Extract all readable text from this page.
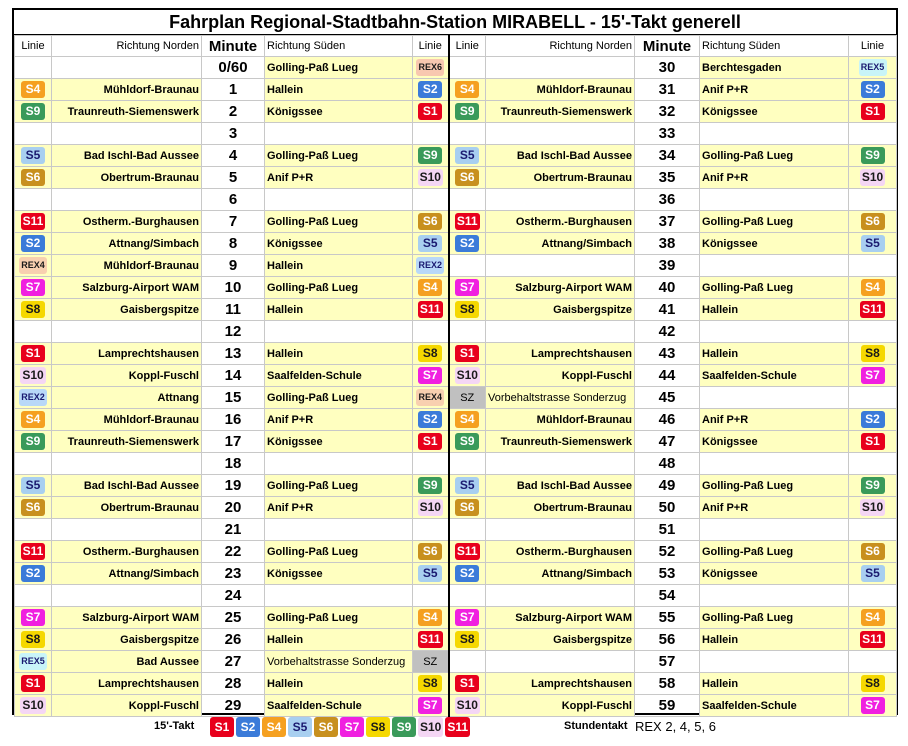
Fahrplan Regional-Stadtbahn-Station MIRABELL - 15'-Takt generell
Linie	Richtung Norden	Minute	Richtung Süden	Linie	Linie	Richtung Norden	Minute	Richtung Süden	Linie
		0/60	Golling-Paß Lueg	REX6			30	Berchtesgaden	REX5
S4	Mühldorf-Braunau	1	Hallein	S2	S4	Mühldorf-Braunau	31	Anif P+R	S2
S9	Traunreuth-Siemenswerk	2	Königssee	S1	S9	Traunreuth-Siemenswerk	32	Königssee	S1
		3					33		
S5	Bad Ischl-Bad Aussee	4	Golling-Paß Lueg	S9	S5	Bad Ischl-Bad Aussee	34	Golling-Paß Lueg	S9
S6	Obertrum-Braunau	5	Anif P+R	S10	S6	Obertrum-Braunau	35	Anif P+R	S10
		6					36		
S11	Ostherm.-Burghausen	7	Golling-Paß Lueg	S6	S11	Ostherm.-Burghausen	37	Golling-Paß Lueg	S6
S2	Attnang/Simbach	8	Königssee	S5	S2	Attnang/Simbach	38	Königssee	S5
REX4	Mühldorf-Braunau	9	Hallein	REX2			39		
S7	Salzburg-Airport WAM	10	Golling-Paß Lueg	S4	S7	Salzburg-Airport WAM	40	Golling-Paß Lueg	S4
S8	Gaisbergspitze	11	Hallein	S11	S8	Gaisbergspitze	41	Hallein	S11
		12					42		
S1	Lamprechtshausen	13	Hallein	S8	S1	Lamprechtshausen	43	Hallein	S8
S10	Koppl-Fuschl	14	Saalfelden-Schule	S7	S10	Koppl-Fuschl	44	Saalfelden-Schule	S7
REX2	Attnang	15	Golling-Paß Lueg	REX4	SZ	Vorbehaltstrasse Sonderzug	45		
S4	Mühldorf-Braunau	16	Anif P+R	S2	S4	Mühldorf-Braunau	46	Anif P+R	S2
S9	Traunreuth-Siemenswerk	17	Königssee	S1	S9	Traunreuth-Siemenswerk	47	Königssee	S1
		18					48		
S5	Bad Ischl-Bad Aussee	19	Golling-Paß Lueg	S9	S5	Bad Ischl-Bad Aussee	49	Golling-Paß Lueg	S9
S6	Obertrum-Braunau	20	Anif P+R	S10	S6	Obertrum-Braunau	50	Anif P+R	S10
		21					51		
S11	Ostherm.-Burghausen	22	Golling-Paß Lueg	S6	S11	Ostherm.-Burghausen	52	Golling-Paß Lueg	S6
S2	Attnang/Simbach	23	Königssee	S5	S2	Attnang/Simbach	53	Königssee	S5
		24					54		
S7	Salzburg-Airport WAM	25	Golling-Paß Lueg	S4	S7	Salzburg-Airport WAM	55	Golling-Paß Lueg	S4
S8	Gaisbergspitze	26	Hallein	S11	S8	Gaisbergspitze	56	Hallein	S11
REX5	Bad Aussee	27	Vorbehaltstrasse Sonderzug	SZ			57		
S1	Lamprechtshausen	28	Hallein	S8	S1	Lamprechtshausen	58	Hallein	S8
S10	Koppl-Fuschl	29	Saalfelden-Schule	S7	S10	Koppl-Fuschl	59	Saalfelden-Schule	S7
15'-Takt	S1 S2 S4 S5 S6 S7 S8 S9 S10 S11	Stundentakt REX 2, 4, 5, 6
